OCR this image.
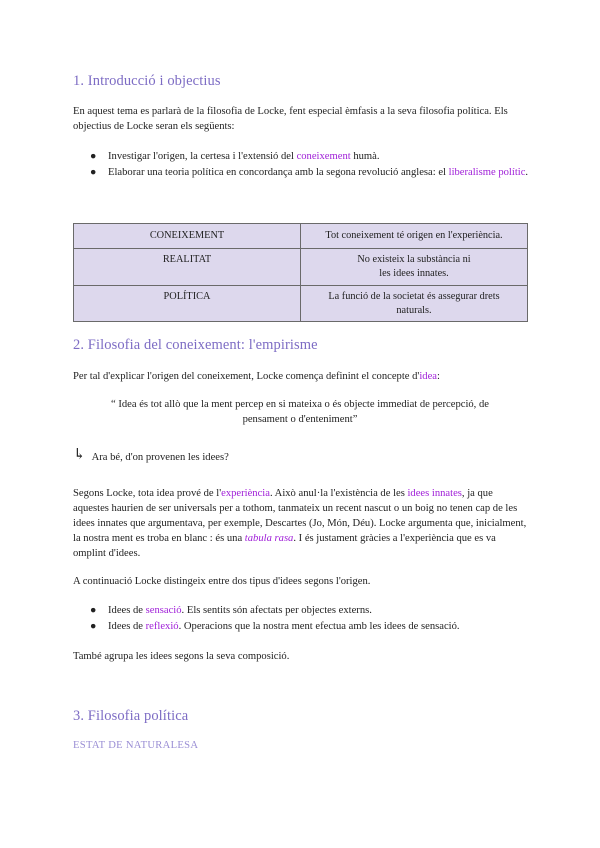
1. Introducció i objectius

En aquest tema es parlarà de la filosofia de Locke, fent especial èmfasis a la seva filosofia política. Els objectius de Locke seran els següents:

● Investigar l'origen, la certesa i l'extensió del coneixement humà.
● Elaborar una teoria política en concordança amb la segona revolució anglesa: el liberalisme polític.
CONEIXEMENT	Tot coneixement té origen en l'experiència.
REALITAT	No existeix la substància ni les idees innates.
POLÍTICA	La funció de la societat és assegurar drets naturals.
2. Filosofia del coneixement: l'empirisme

Per tal d'explicar l'origen del coneixement, Locke comença definint el concepte d'idea:

“ Idea és tot allò que la ment percep en si mateixa o és objecte immediat de percepció, de pensament o d'enteniment”

↳ Ara bé, d'on provenen les idees?

Segons Locke, tota idea prové de l'experiència. Això anul·la l'existència de les idees innates, ja que aquestes haurien de ser universals per a tothom, tanmateix un recent nascut o un boig no tenen cap de les idees innates que argumentava, per exemple, Descartes (Jo, Món, Déu). Locke argumenta que, inicialment, la nostra ment es troba en blanc : és una tabula rasa. I és justament gràcies a l'experiència que es va omplint d'idees.

A continuació Locke distingeix entre dos tipus d'idees segons l'origen.

● Idees de sensació. Els sentits són afectats per objectes externs.
● Idees de reflexió. Operacions que la nostra ment efectua amb les idees de sensació.

També agrupa les idees segons la seva composició.

3. Filosofia política
ESTAT DE NATURALESA
